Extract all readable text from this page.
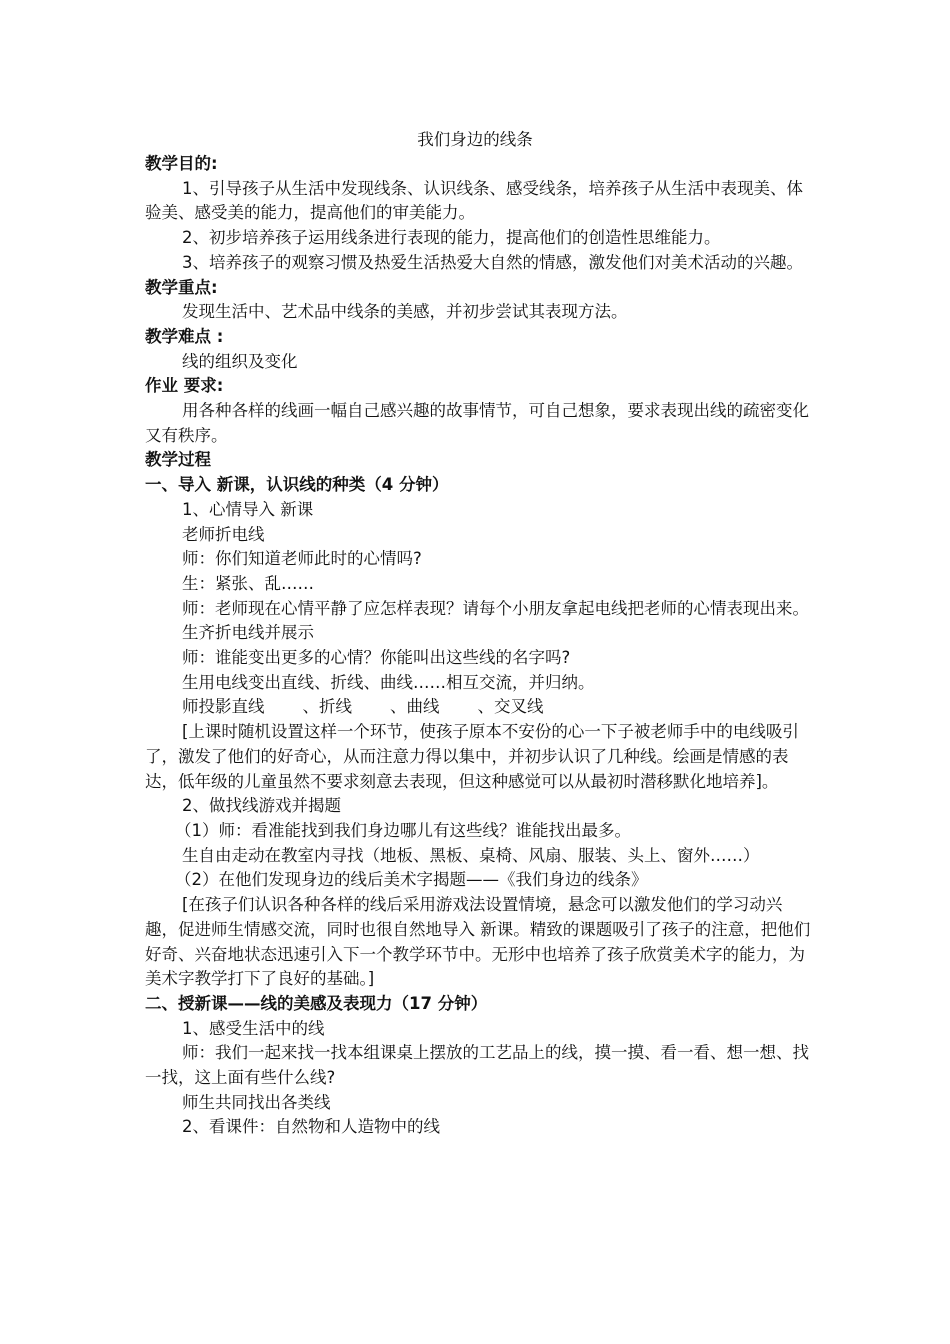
我们身边的线条

教学目的:

1、引导孩子从生活中发现线条、认识线条、感受线条，培养孩子从生活中表现美、体验美、感受美的能力，提高他们的审美能力。

2、初步培养孩子运用线条进行表现的能力，提高他们的创造性思维能力。

3、培养孩子的观察习惯及热爱生活热爱大自然的情感，激发他们对美术活动的兴趣。

教学重点:

发现生活中、艺术品中线条的美感，并初步尝试其表现方法。

教学难点 :

线的组织及变化

作业 要求:

用各种各样的线画一幅自己感兴趣的故事情节，可自己想象，要求表现出线的疏密变化又有秩序。

教学过程

一、导入 新课，认识线的种类（4 分钟）

1、心情导入 新课

老师折电线

师：你们知道老师此时的心情吗?

生：紧张、乱……

师：老师现在心情平静了应怎样表现？请每个小朋友拿起电线把老师的心情表现出来。

生齐折电线并展示

师：谁能变出更多的心情？你能叫出这些线的名字吗?

生用电线变出直线、折线、曲线……相互交流，并归纳。

师投影直线 、折线 、曲线 、交叉线

[上课时随机设置这样一个环节，使孩子原本不安份的心一下子被老师手中的电线吸引了，激发了他们的好奇心，从而注意力得以集中，并初步认识了几种线。绘画是情感的表达，低年级的儿童虽然不要求刻意去表现，但这种感觉可以从最初时潜移默化地培养]。

2、做找线游戏并揭题

（1）师：看准能找到我们身边哪儿有这些线？谁能找出最多。

生自由走动在教室内寻找（地板、黑板、桌椅、风扇、服装、头上、窗外……）

（2）在他们发现身边的线后美术字揭题——《我们身边的线条》

[在孩子们认识各种各样的线后采用游戏法设置情境，悬念可以激发他们的学习动兴趣，促进师生情感交流，同时也很自然地导入 新课。精致的课题吸引了孩子的注意，把他们好奇、兴奋地状态迅速引入下一个教学环节中。无形中也培养了孩子欣赏美术字的能力，为美术字教学打下了良好的基础。]

二、授新课——线的美感及表现力（17 分钟）

1、感受生活中的线

师：我们一起来找一找本组课桌上摆放的工艺品上的线，摸一摸、看一看、想一想、找一找，这上面有些什么线?

师生共同找出各类线

2、看课件：自然物和人造物中的线
